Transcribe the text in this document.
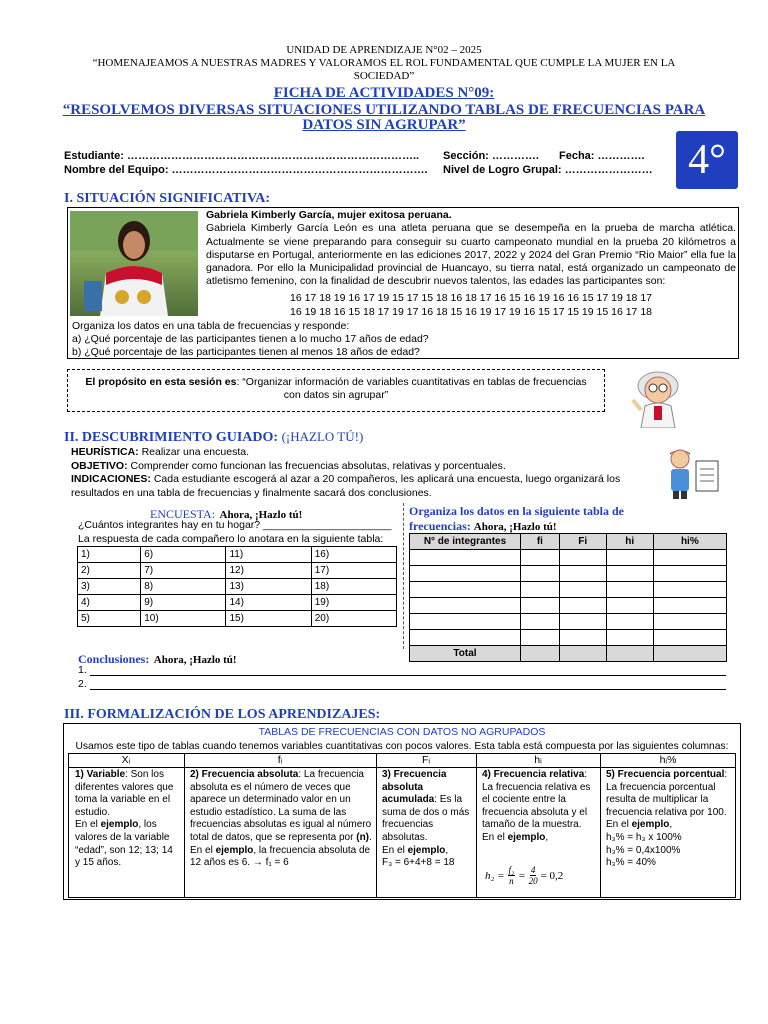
UNIDAD DE APRENDIZAJE N°02 – 2025
“HOMENAJEAMOS A NUESTRAS MADRES Y VALORAMOS EL ROL FUNDAMENTAL QUE CUMPLE LA MUJER EN LA
SOCIEDAD”
FICHA DE ACTIVIDADES N°09:
“RESOLVEMOS DIVERSAS SITUACIONES UTILIZANDO TABLAS DE FRECUENCIAS PARA
DATOS SIN AGRUPAR”
Estudiante: …………………………………………………………………….. Sección: …………. Fecha: ………….
Nombre del Equipo: ……………………………………………………………. Nivel de Logro Grupal: …………………… 4°
I. SITUACIÓN SIGNIFICATIVA:
Gabriela Kimberly García, mujer exitosa peruana.
Gabriela Kimberly García León es una atleta peruana que se desempeña en la prueba de marcha atlética. Actualmente se viene preparando para conseguir su cuarto campeonato mundial en la prueba 20 kilómetros a disputarse en Portugal, anteriormente en las ediciones 2017, 2022 y 2024 del Gran Premio “Rio Maior” ella fue la ganadora. Por ello la Municipalidad provincial de Huancayo, su tierra natal, está organizado un campeonato de atletismo femenino, con la finalidad de descubrir nuevos talentos, las edades las participantes son:
16 17 18 19 16 17 19 15 17 15 18 16 18 17 16 15 16 19 16 16 15 17 19 18 17
16 19 18 16 15 18 17 19 17 16 18 15 16 19 17 19 16 15 17 15 19 15 16 17 18
Organiza los datos en una tabla de frecuencias y responde:
a) ¿Qué porcentaje de las participantes tienen a lo mucho 17 años de edad?
b) ¿Qué porcentaje de las participantes tienen al menos 18 años de edad?
El propósito en esta sesión es: “Organizar información de variables cuantitativas en tablas de frecuencias
con datos sin agrupar”
II. DESCUBRIMIENTO GUIADO: (¡HAZLO TÚ!)
HEURÍSTICA: Realizar una encuesta.
OBJETIVO: Comprender como funcionan las frecuencias absolutas, relativas y porcentuales.
INDICACIONES: Cada estudiante escogerá al azar a 20 compañeros, les aplicará una encuesta, luego organizará los
resultados en una tabla de frecuencias y finalmente sacará dos conclusiones.
ENCUESTA: Ahora, ¡Hazlo tú!
¿Cuántos integrantes hay en tu hogar? ______________________
La respuesta de cada compañero lo anotara en la siguiente tabla:
1)	6)	11)	16)
2)	7)	12)	17)
3)	8)	13)	18)
4)	9)	14)	19)
5)	10)	15)	20)
Organiza los datos en la siguiente tabla de
frecuencias: Ahora, ¡Hazlo tú!
N° de integrantes	fi	Fi	hi	hi%

Total				
Conclusiones: Ahora, ¡Hazlo tú!
1.
2.
III. FORMALIZACIÓN DE LOS APRENDIZAJES:
TABLAS DE FRECUENCIAS CON DATOS NO AGRUPADOS
Usamos este tipo de tablas cuando tenemos variables cuantitativas con pocos valores. Esta tabla está compuesta por las siguientes columnas:
Xᵢ	fᵢ	Fᵢ	hᵢ	hᵢ%
1) Variable: Son los diferentes valores que toma la variable en el estudio.
En el ejemplo, los valores de la variable “edad”, son 12; 13; 14 y 15 años.
2) Frecuencia absoluta: La frecuencia absoluta es el número de veces que aparece un determinado valor en un estudio estadístico. La suma de las frecuencias absolutas es igual al número total de datos, que se representa por (n).
En el ejemplo, la frecuencia absoluta de 12 años es 6. → f₁ = 6
3) Frecuencia absoluta acumulada: Es la suma de dos o más frecuencias absolutas.
En el ejemplo,
F₃ = 6+4+8 = 18
4) Frecuencia relativa: La frecuencia relativa es el cociente entre la frecuencia absoluta y el tamaño de la muestra.
En el ejemplo,
$h_2 = \frac{\text{f₂}}{n} = \frac{4}{20} = 0,2$
5) Frecuencia porcentual: La frecuencia porcentual resulta de multiplicar la frecuencia relativa por 100. En el ejemplo,
h₃% = h₃ x 100%
h₃% = 0,4x100%
h₃% = 40%
